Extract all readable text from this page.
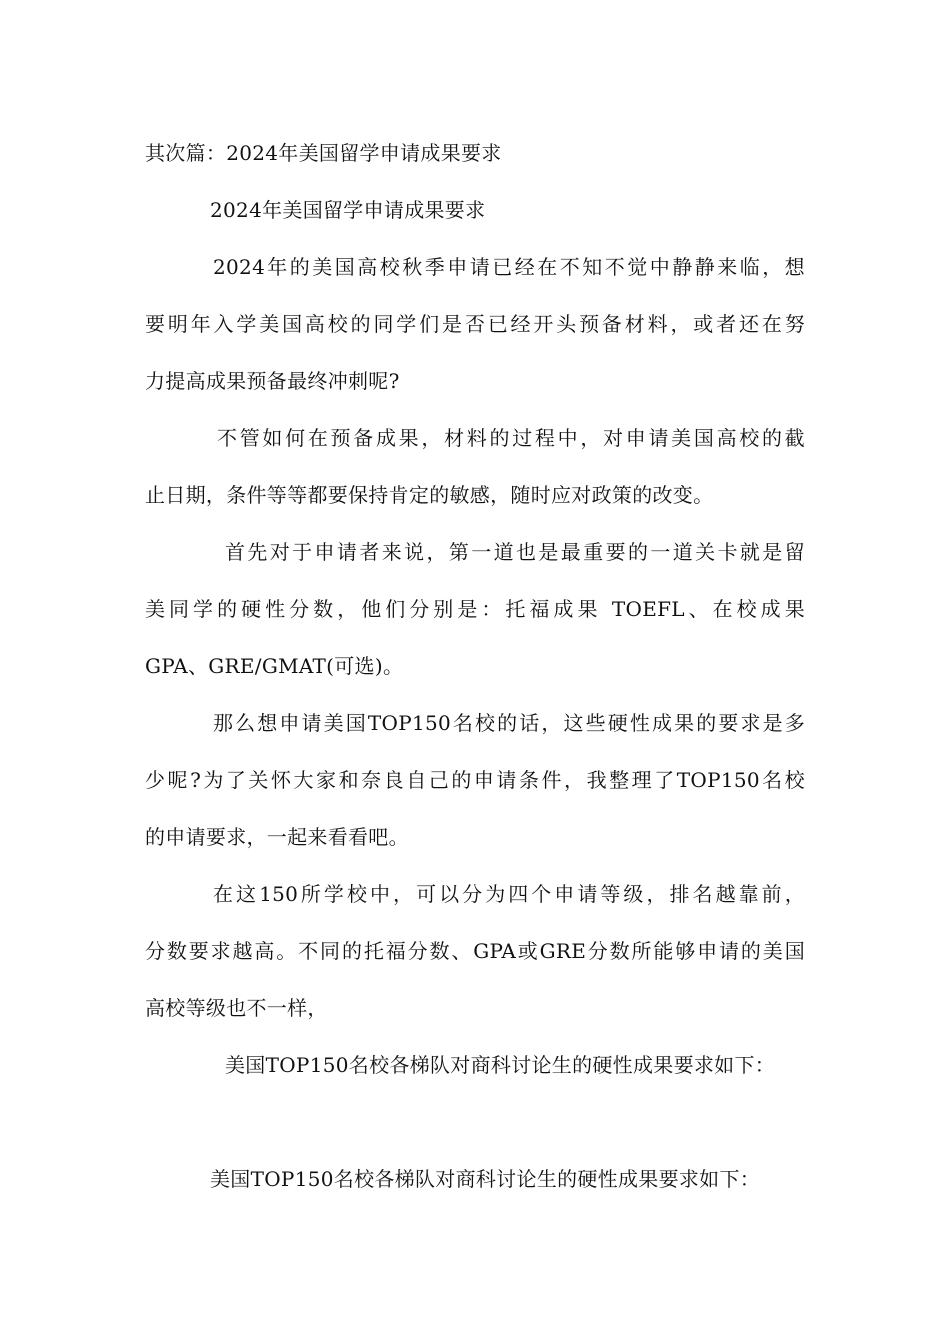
其次篇：2024年美国留学申请成果要求
2024年美国留学申请成果要求
2024年的美国高校秋季申请已经在不知不觉中静静来临，想
要明年入学美国高校的同学们是否已经开头预备材料，或者还在努
力提高成果预备最终冲刺呢?
不管如何在预备成果，材料的过程中，对申请美国高校的截
止日期，条件等等都要保持肯定的敏感，随时应对政策的改变。
首先对于申请者来说，第一道也是最重要的一道关卡就是留
美同学的硬性分数，他们分别是：托福成果 TOEFL、在校成果
GPA、GRE/GMAT(可选)。
那么想申请美国TOP150名校的话，这些硬性成果的要求是多
少呢?为了关怀大家和奈良自己的申请条件，我整理了TOP150名校
的申请要求，一起来看看吧。
在这150所学校中，可以分为四个申请等级，排名越靠前，
分数要求越高。不同的托福分数、GPA或GRE分数所能够申请的美国
高校等级也不一样，
美国TOP150名校各梯队对商科讨论生的硬性成果要求如下：
美国TOP150名校各梯队对商科讨论生的硬性成果要求如下：
